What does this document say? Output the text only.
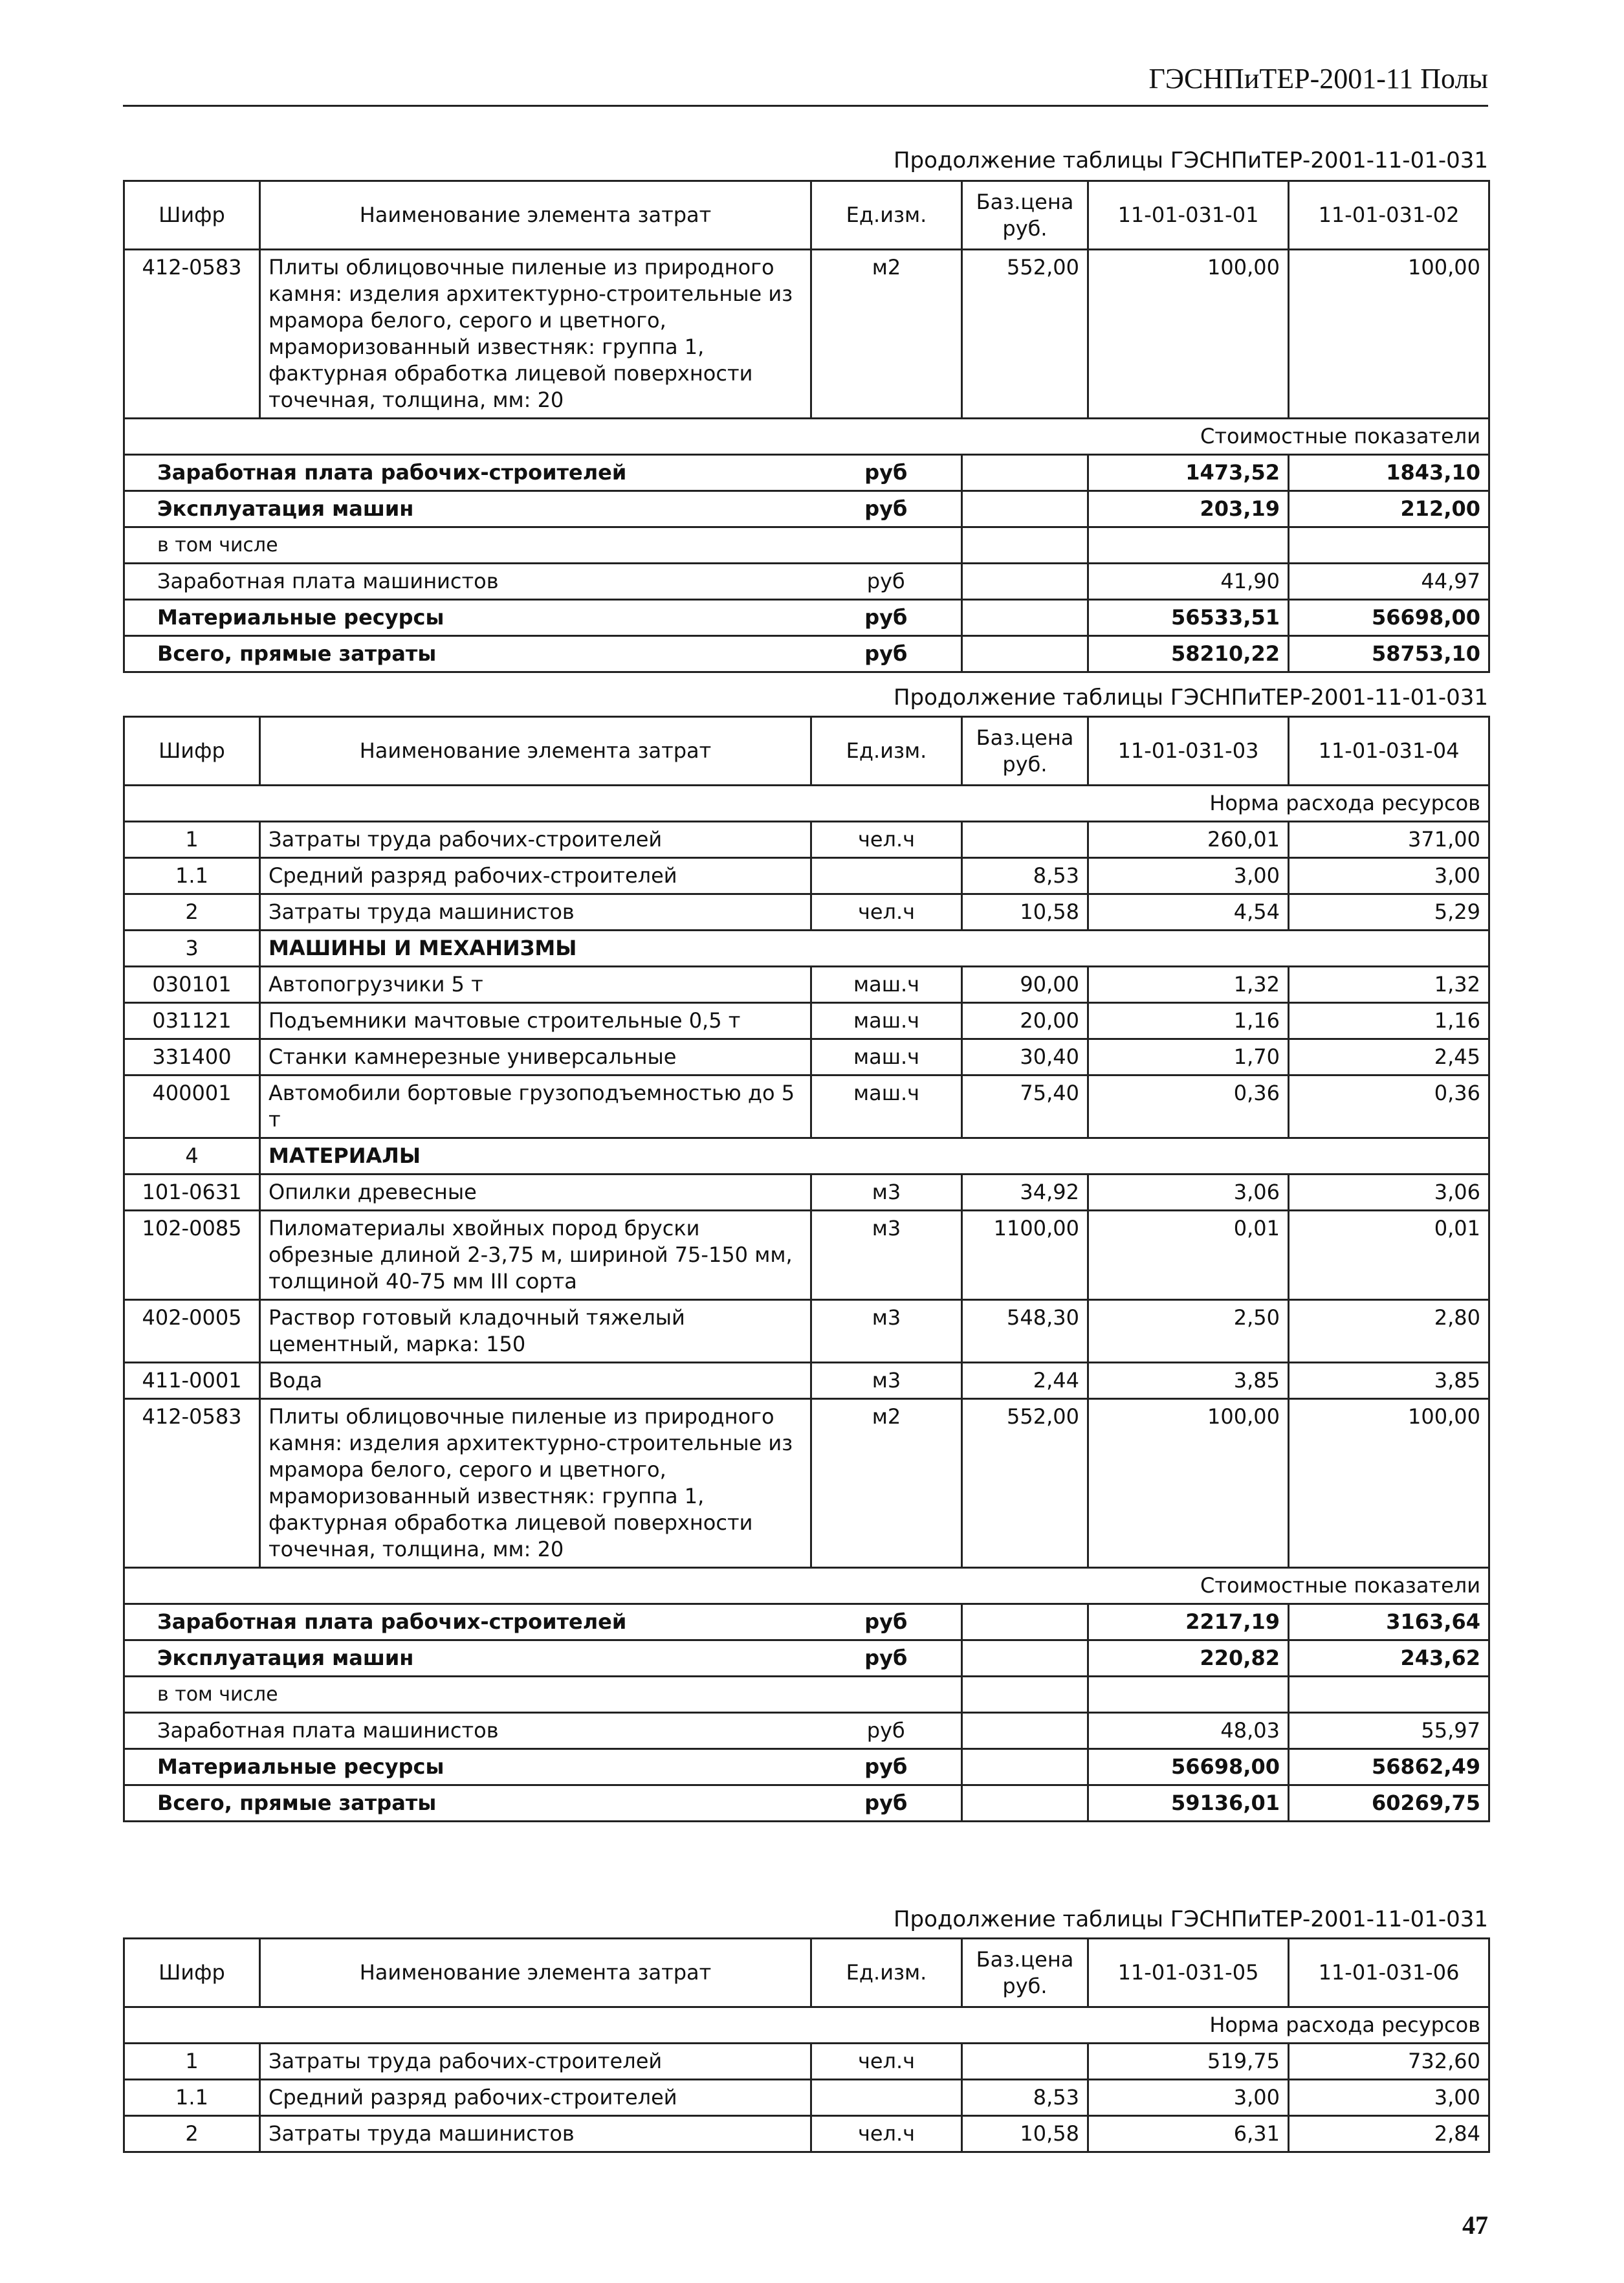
ГЭСНПиТЕР-2001-11 Полы
Продолжение таблицы ГЭСНПиТЕР-2001-11-01-031
Шифр	Наименование элемента затрат	Ед.изм.	Баз.цена руб.	11-01-031-01	11-01-031-02
412-0583	Плиты облицовочные пиленые из природного камня: изделия архитектурно-строительные из мрамора белого, серого и цветного, мраморизованный известняк: группа 1, фактурная обработка лицевой поверхности точечная, толщина, мм: 20	м2	552,00	100,00	100,00
Стоимостные показатели					
Заработная плата рабочих-строителей		руб		1473,52	1843,10
Эксплуатация машин		руб		203,19	212,00
в том числе					
Заработная плата машинистов		руб		41,90	44,97
Материальные ресурсы		руб		56533,51	56698,00
Всего, прямые затраты		руб		58210,22	58753,10
Продолжение таблицы ГЭСНПиТЕР-2001-11-01-031
Шифр	Наименование элемента затрат	Ед.изм.	Баз.цена руб.	11-01-031-03	11-01-031-04
Норма расхода ресурсов					
1	Затраты труда рабочих-строителей	чел.ч		260,01	371,00
1.1	Средний разряд рабочих-строителей		8,53	3,00	3,00
2	Затраты труда машинистов	чел.ч	10,58	4,54	5,29
3	МАШИНЫ И МЕХАНИЗМЫ				
030101	Автопогрузчики 5 т	маш.ч	90,00	1,32	1,32
031121	Подъемники мачтовые строительные 0,5 т	маш.ч	20,00	1,16	1,16
331400	Станки камнерезные универсальные	маш.ч	30,40	1,70	2,45
400001	Автомобили бортовые грузоподъемностью до 5 т	маш.ч	75,40	0,36	0,36
4	МАТЕРИАЛЫ				
101-0631	Опилки древесные	м3	34,92	3,06	3,06
102-0085	Пиломатериалы хвойных пород бруски обрезные длиной 2-3,75 м, шириной 75-150 мм, толщиной 40-75 мм III сорта	м3	1100,00	0,01	0,01
402-0005	Раствор готовый кладочный тяжелый цементный, марка: 150	м3	548,30	2,50	2,80
411-0001	Вода	м3	2,44	3,85	3,85
412-0583	Плиты облицовочные пиленые из природного камня: изделия архитектурно-строительные из мрамора белого, серого и цветного, мраморизованный известняк: группа 1, фактурная обработка лицевой поверхности точечная, толщина, мм: 20	м2	552,00	100,00	100,00
Стоимостные показатели					
Заработная плата рабочих-строителей		руб		2217,19	3163,64
Эксплуатация машин		руб		220,82	243,62
в том числе					
Заработная плата машинистов		руб		48,03	55,97
Материальные ресурсы		руб		56698,00	56862,49
Всего, прямые затраты		руб		59136,01	60269,75
Продолжение таблицы ГЭСНПиТЕР-2001-11-01-031
Шифр	Наименование элемента затрат	Ед.изм.	Баз.цена руб.	11-01-031-05	11-01-031-06
Норма расхода ресурсов					
1	Затраты труда рабочих-строителей	чел.ч		519,75	732,60
1.1	Средний разряд рабочих-строителей		8,53	3,00	3,00
2	Затраты труда машинистов	чел.ч	10,58	6,31	2,84
47
